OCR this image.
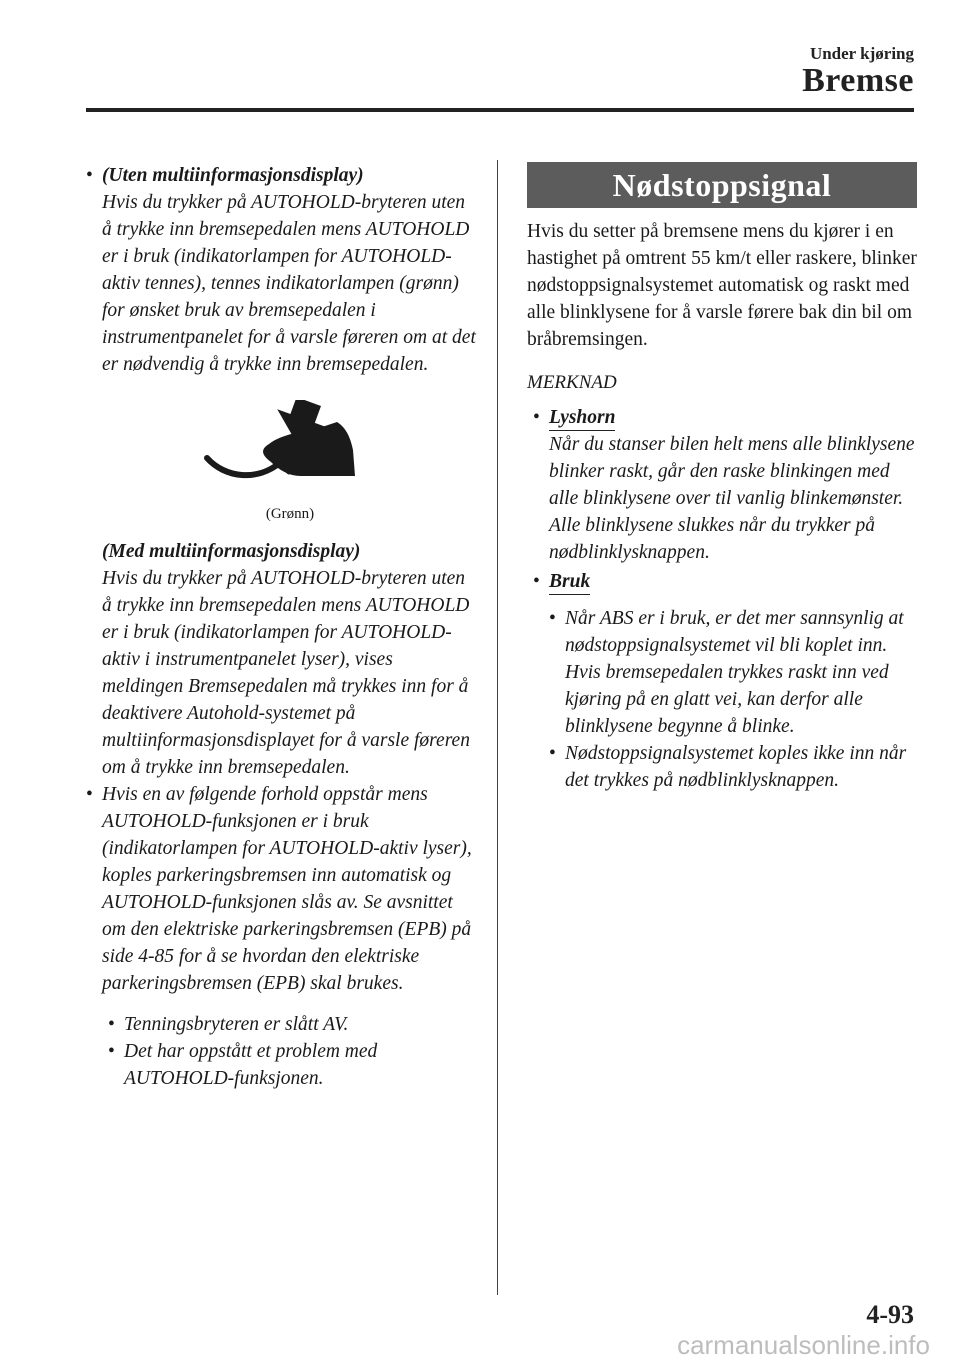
Under kjøring
Bremse
• (Uten multiinformasjonsdisplay)
Hvis du trykker på AUTOHOLD-bryteren uten å trykke inn bremsepedalen mens AUTOHOLD er i bruk (indikatorlampen for AUTOHOLD-aktiv tennes), tennes indikatorlampen (grønn) for ønsket bruk av bremsepedalen i instrumentpanelet for å varsle føreren om at det er nødvendig å trykke inn bremsepedalen.
(Grønn)
(Med multiinformasjonsdisplay)
Hvis du trykker på AUTOHOLD-bryteren uten å trykke inn bremsepedalen mens AUTOHOLD er i bruk (indikatorlampen for AUTOHOLD-aktiv i instrumentpanelet lyser), vises meldingen Bremsepedalen må trykkes inn for å deaktivere Autohold-systemet på multiinformasjonsdisplayet for å varsle føreren om å trykke inn bremsepedalen.
• Hvis en av følgende forhold oppstår mens AUTOHOLD-funksjonen er i bruk (indikatorlampen for AUTOHOLD-aktiv lyser), koples parkeringsbremsen inn automatisk og AUTOHOLD-funksjonen slås av. Se avsnittet om den elektriske parkeringsbremsen (EPB) på side 4-85 for å se hvordan den elektriske parkeringsbremsen (EPB) skal brukes.
• Tenningsbryteren er slått AV.
• Det har oppstått et problem med AUTOHOLD-funksjonen.
Nødstoppsignal

Hvis du setter på bremsene mens du kjører i en hastighet på omtrent 55 km/t eller raskere, blinker nødstoppsignalsystemet automatisk og raskt med alle blinklysene for å varsle førere bak din bil om bråbremsingen.

MERKNAD
• Lyshorn
Når du stanser bilen helt mens alle blinklysene blinker raskt, går den raske blinkingen med alle blinklysene over til vanlig blinkemønster. Alle blinklysene slukkes når du trykker på nødblinklysknappen.
• Bruk
• Når ABS er i bruk, er det mer sannsynlig at nødstoppsignalsystemet vil bli koplet inn. Hvis bremsepedalen trykkes raskt inn ved kjøring på en glatt vei, kan derfor alle blinklysene begynne å blinke.
• Nødstoppsignalsystemet koples ikke inn når det trykkes på nødblinklysknappen.
4-93
carmanualsonline.info
